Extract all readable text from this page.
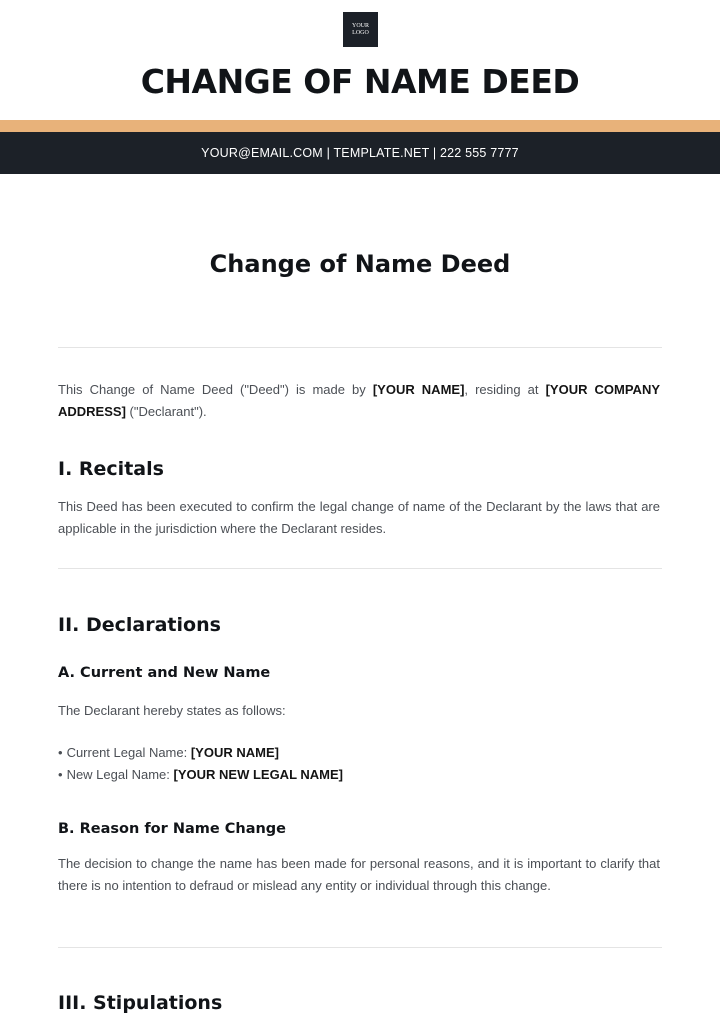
YOUR LOGO
CHANGE OF NAME DEED
YOUR@EMAIL.COM | TEMPLATE.NET | 222 555 7777
Change of Name Deed

This Change of Name Deed ("Deed") is made by [YOUR NAME], residing at [YOUR COMPANY ADDRESS] ("Declarant").

I. Recitals

This Deed has been executed to confirm the legal change of name of the Declarant by the laws that are applicable in the jurisdiction where the Declarant resides.

II. Declarations
A. Current and New Name

The Declarant hereby states as follows:

• Current Legal Name: [YOUR NAME]
• New Legal Name: [YOUR NEW LEGAL NAME]
B. Reason for Name Change

The decision to change the name has been made for personal reasons, and it is important to clarify that there is no intention to defraud or mislead any entity or individual through this change.

III. Stipulations
